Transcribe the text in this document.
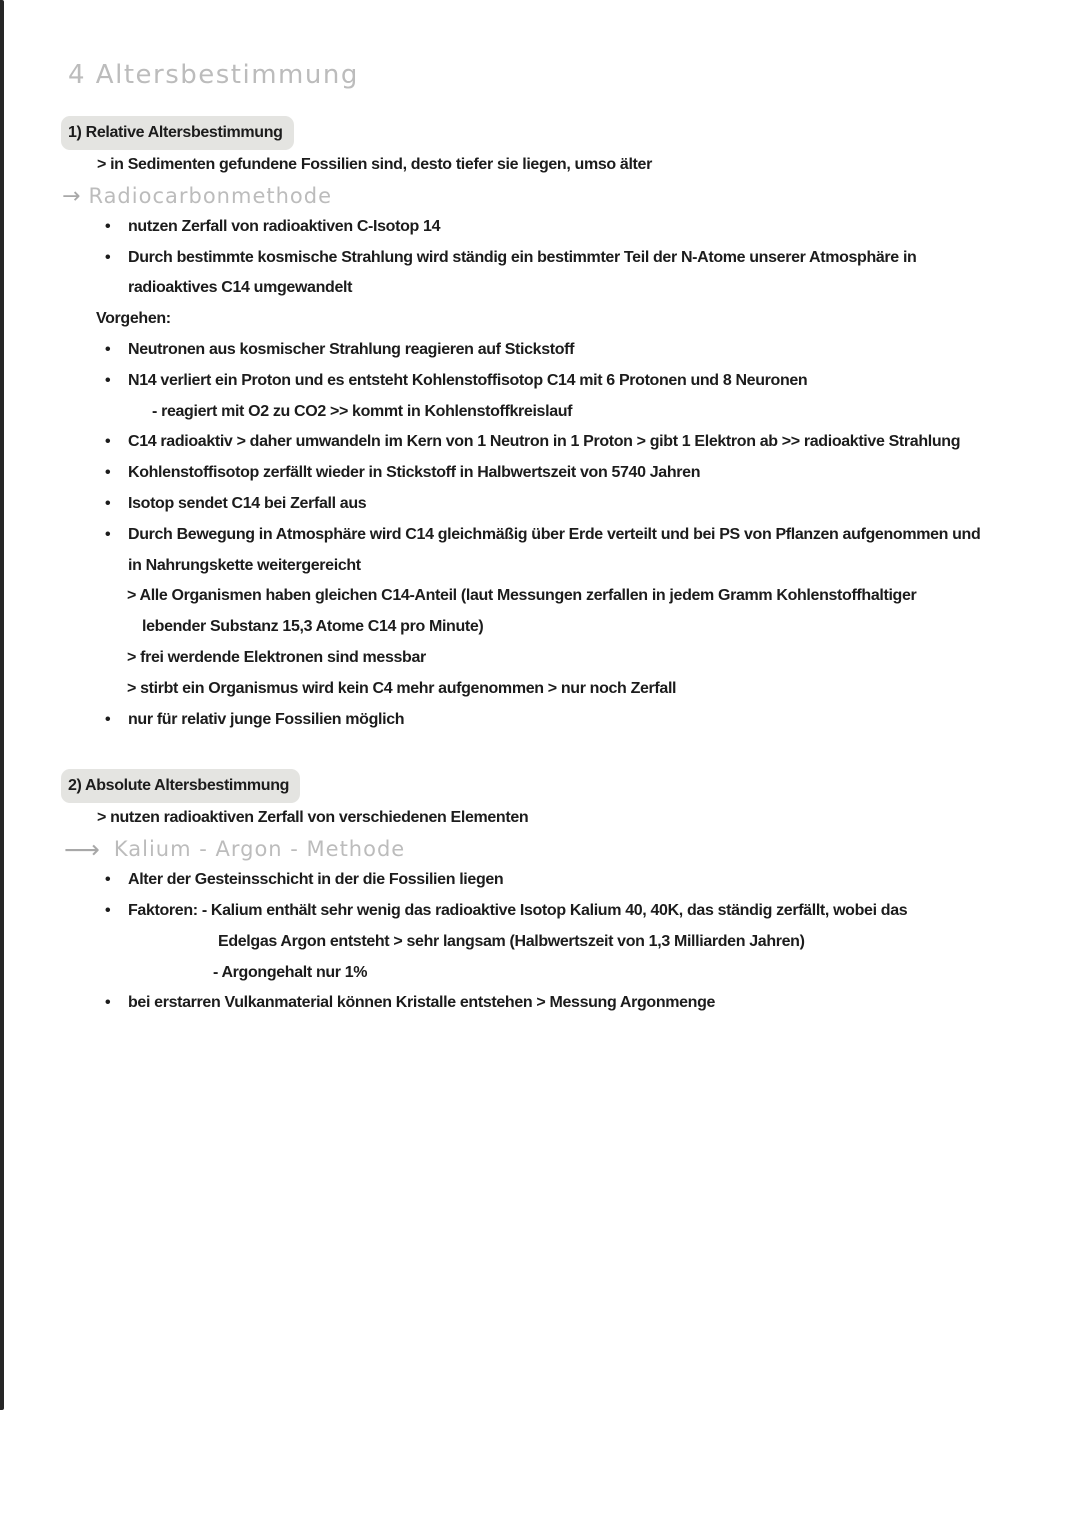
4 Altersbestimmung
1) Relative Altersbestimmung
> in Sedimenten gefundene Fossilien sind, desto tiefer sie liegen, umso älter
→ Radiocarbonmethode
• nutzen Zerfall von radioaktiven C-Isotop 14
• Durch bestimmte kosmische Strahlung wird ständig ein bestimmter Teil der N-Atome unserer Atmosphäre in
radioaktives C14 umgewandelt
Vorgehen:
• Neutronen aus kosmischer Strahlung reagieren auf Stickstoff
• N14 verliert ein Proton und es entsteht Kohlenstoffisotop C14 mit 6 Protonen und 8 Neuronen
- reagiert mit O2 zu CO2 >> kommt in Kohlenstoffkreislauf
• C14 radioaktiv > daher umwandeln im Kern von 1 Neutron in 1 Proton > gibt 1 Elektron ab >> radioaktive Strahlung
• Kohlenstoffisotop zerfällt wieder in Stickstoff in Halbwertszeit von 5740 Jahren
• Isotop sendet C14 bei Zerfall aus
• Durch Bewegung in Atmosphäre wird C14 gleichmäßig über Erde verteilt und bei PS von Pflanzen aufgenommen und
in Nahrungskette weitergereicht
> Alle Organismen haben gleichen C14-Anteil (laut Messungen zerfallen in jedem Gramm Kohlenstoffhaltiger
lebender Substanz 15,3 Atome C14 pro Minute)
> frei werdende Elektronen sind messbar
> stirbt ein Organismus wird kein C4 mehr aufgenommen > nur noch Zerfall
• nur für relativ junge Fossilien möglich
2) Absolute Altersbestimmung
> nutzen radioaktiven Zerfall von verschiedenen Elementen
⟶ Kalium - Argon - Methode
• Alter der Gesteinsschicht in der die Fossilien liegen
• Faktoren: - Kalium enthält sehr wenig das radioaktive Isotop Kalium 40, 40K, das ständig zerfällt, wobei das
Edelgas Argon entsteht > sehr langsam (Halbwertszeit von 1,3 Milliarden Jahren)
- Argongehalt nur 1%
• bei erstarren Vulkanmaterial können Kristalle entstehen > Messung Argonmenge
